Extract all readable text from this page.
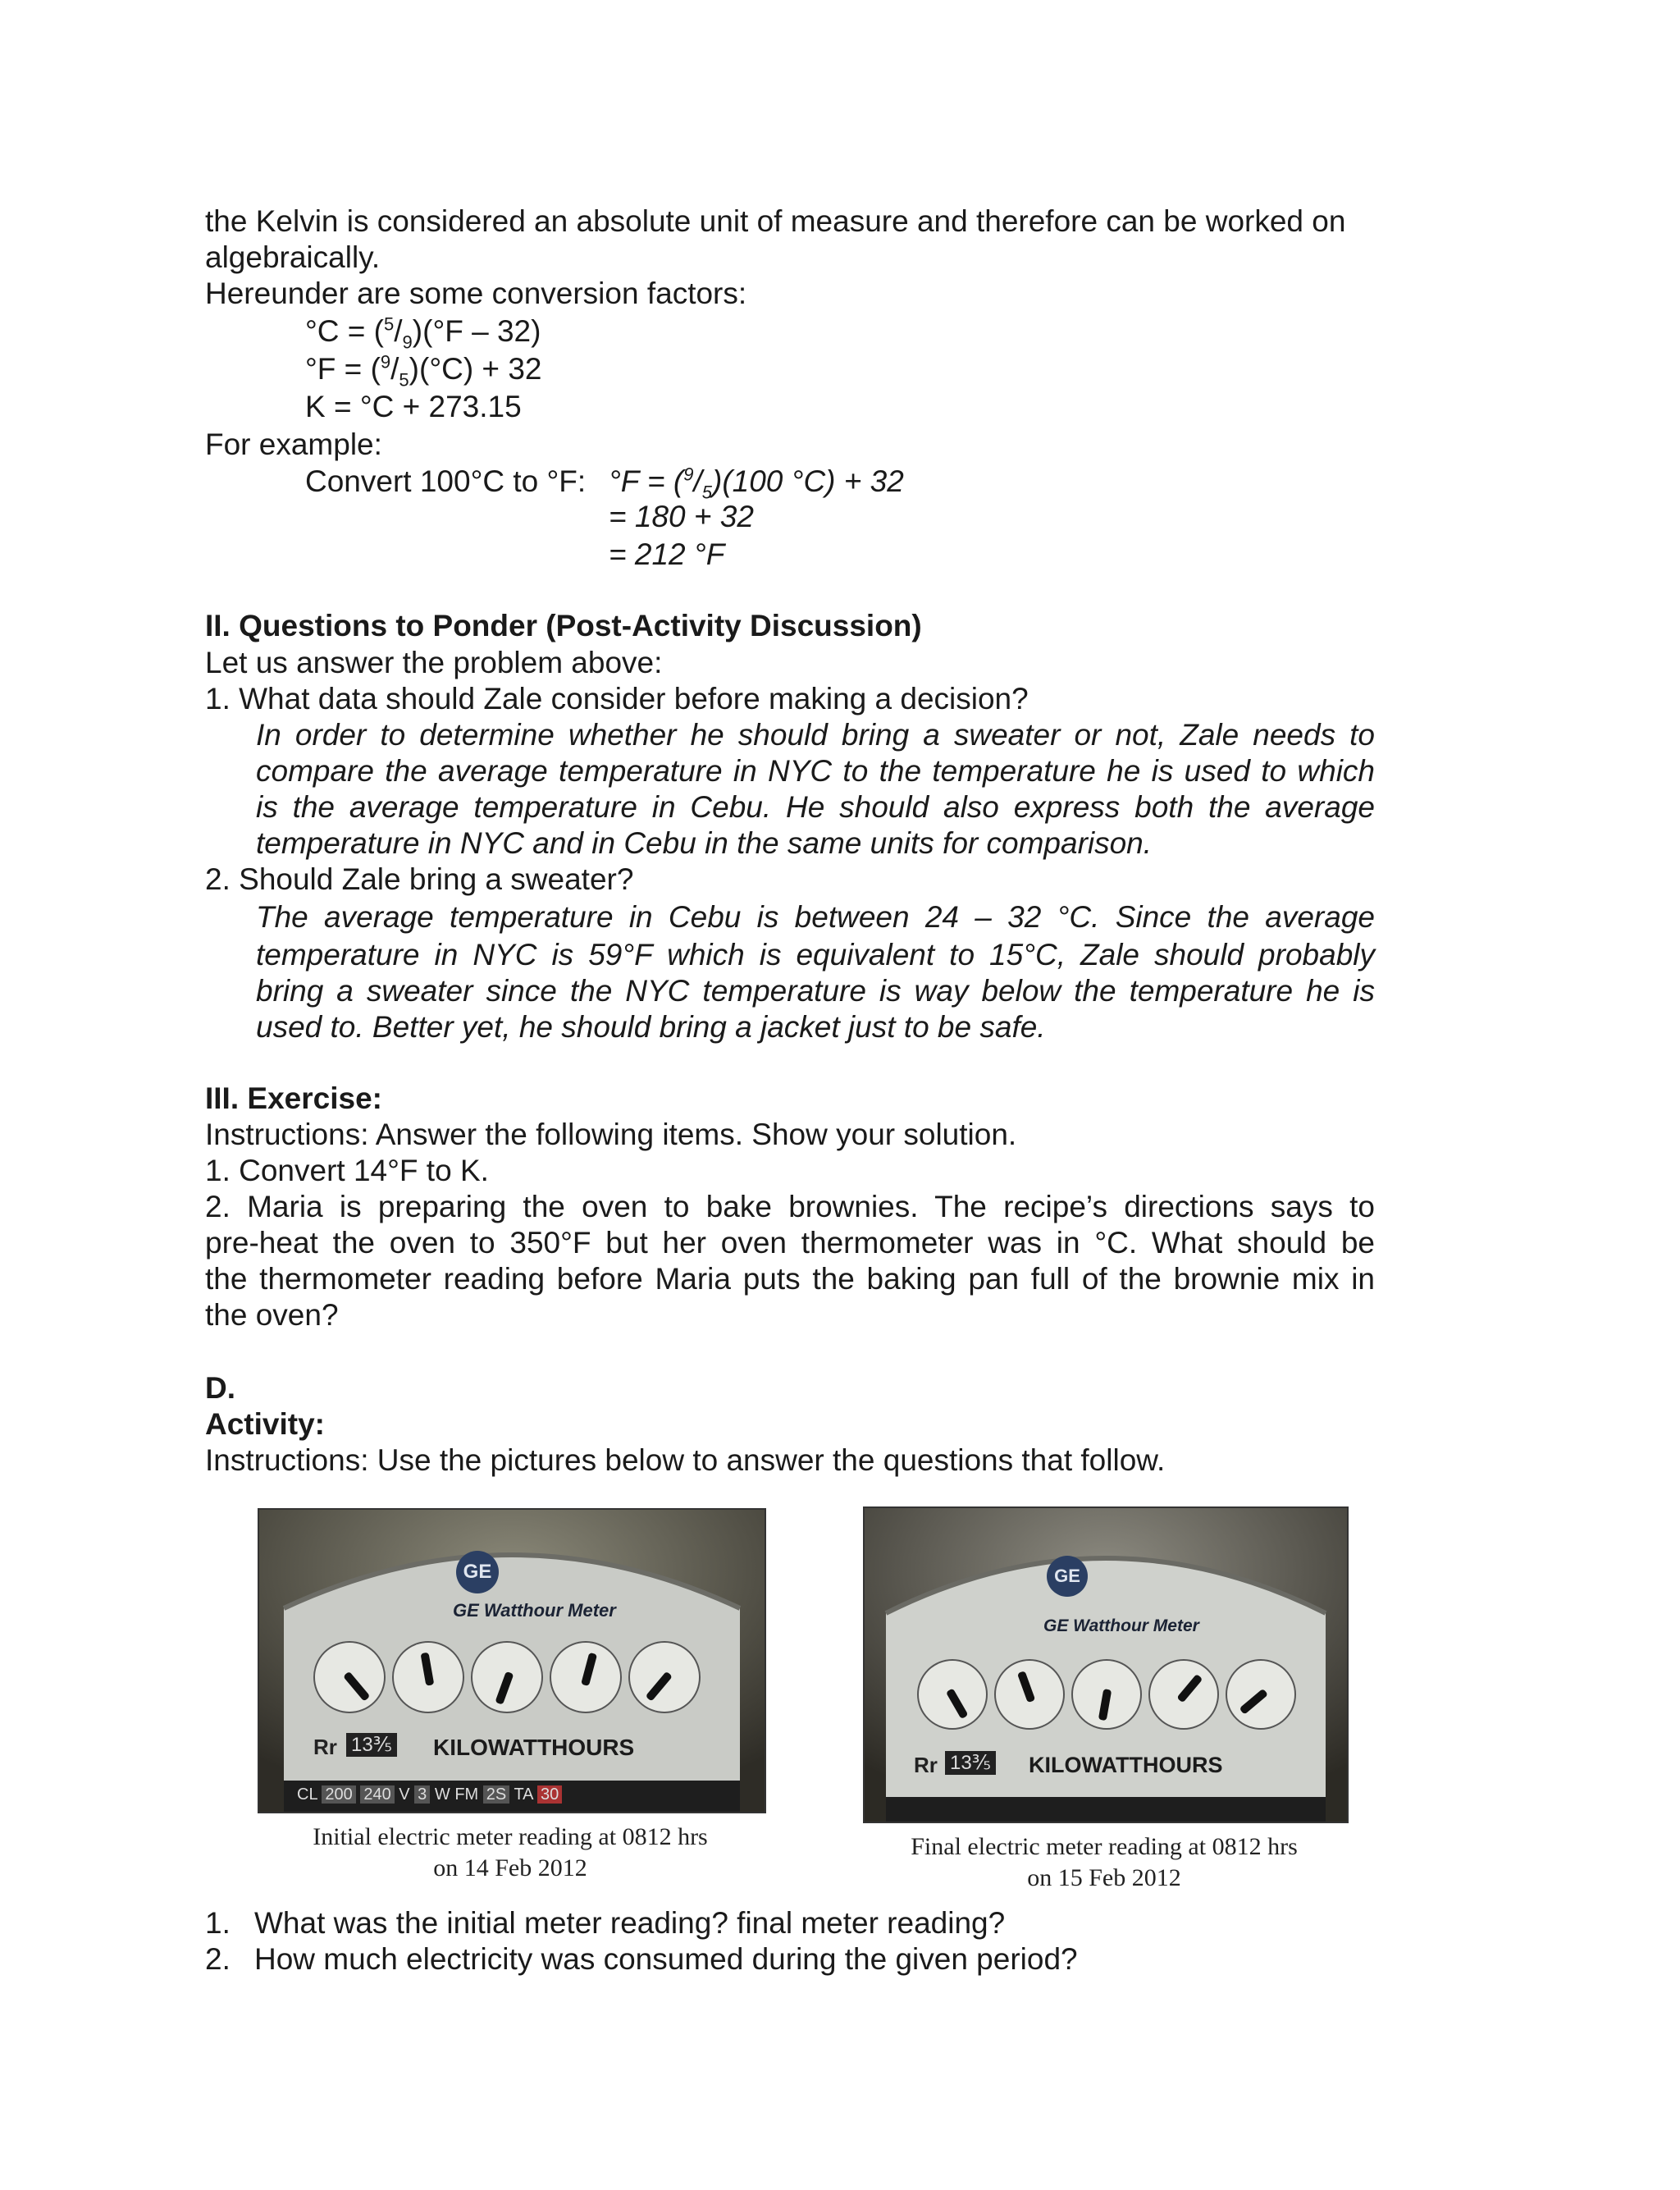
the Kelvin is considered an absolute unit of measure and therefore can be worked on
algebraically.
Hereunder are some conversion factors:
$^\circ C = (^5/_9)(^\circ F - 32)$
$^\circ F = (^9/_5)(^\circ C) + 32$
K = °C + 273.15
For example:
Convert 100°C to °F: $^\circ F = (^9/_5)(100$ °C) + 32
= 180 + 32
= 212 °F
II. Questions to Ponder (Post-Activity Discussion)
Let us answer the problem above:
1. What data should Zale consider before making a decision?
In order to determine whether he should bring a sweater or not, Zale needs to
compare the average temperature in NYC to the temperature he is used to which
is the average temperature in Cebu. He should also express both the average
temperature in NYC and in Cebu in the same units for comparison.
2. Should Zale bring a sweater?
The average temperature in Cebu is between 24 – 32 °C. Since the average
temperature in NYC is 59°F which is equivalent to 15°C, Zale should probably
bring a sweater since the NYC temperature is way below the temperature he is
used to. Better yet, he should bring a jacket just to be safe.
III. Exercise:
Instructions: Answer the following items. Show your solution.
1. Convert 14°F to K.
2. Maria is preparing the oven to bake brownies. The recipe’s directions says to
pre-heat the oven to 350°F but her oven thermometer was in °C. What should be
the thermometer reading before Maria puts the baking pan full of the brownie mix in
the oven?
D.
Activity:
Instructions: Use the pictures below to answer the questions that follow.
GE
GE Watthour Meter
Rr 13⅗ KILOWATTHOURS
CL 200 240 V 3 W FM 2S TA 30
Initial electric meter reading at 0812 hrs
on 14 Feb 2012
GE
GE Watthour Meter
Rr 13⅗ KILOWATTHOURS
Final electric meter reading at 0812 hrs
on 15 Feb 2012
1. What was the initial meter reading? final meter reading?
2. How much electricity was consumed during the given period?
